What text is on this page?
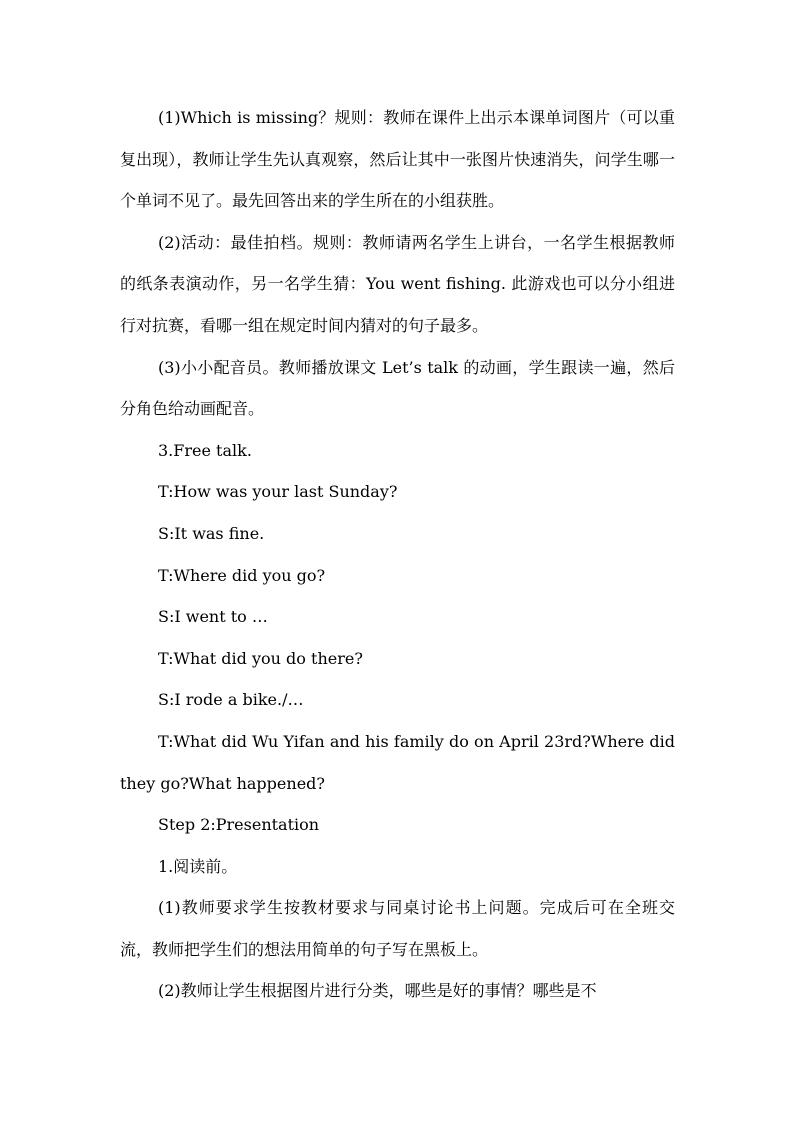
(1)Which is missing？规则：教师在课件上出示本课单词图片（可以重复出现），教师让学生先认真观察，然后让其中一张图片快速消失，问学生哪一个单词不见了。最先回答出来的学生所在的小组获胜。

(2)活动：最佳拍档。规则：教师请两名学生上讲台，一名学生根据教师的纸条表演动作，另一名学生猜：You went fishing. 此游戏也可以分小组进行对抗赛，看哪一组在规定时间内猜对的句子最多。

(3)小小配音员。教师播放课文 Let’s talk 的动画，学生跟读一遍，然后分角色给动画配音。

3.Free talk.

T:How was your last Sunday?

S:It was fine.

T:Where did you go?

S:I went to …

T:What did you do there?

S:I rode a bike./…

T:What did Wu Yifan and his family do on April 23rd?Where did they go?What happened?

Step 2:Presentation

1.阅读前。

(1)教师要求学生按教材要求与同桌讨论书上问题。完成后可在全班交流，教师把学生们的想法用简单的句子写在黑板上。

(2)教师让学生根据图片进行分类，哪些是好的事情？哪些是不
